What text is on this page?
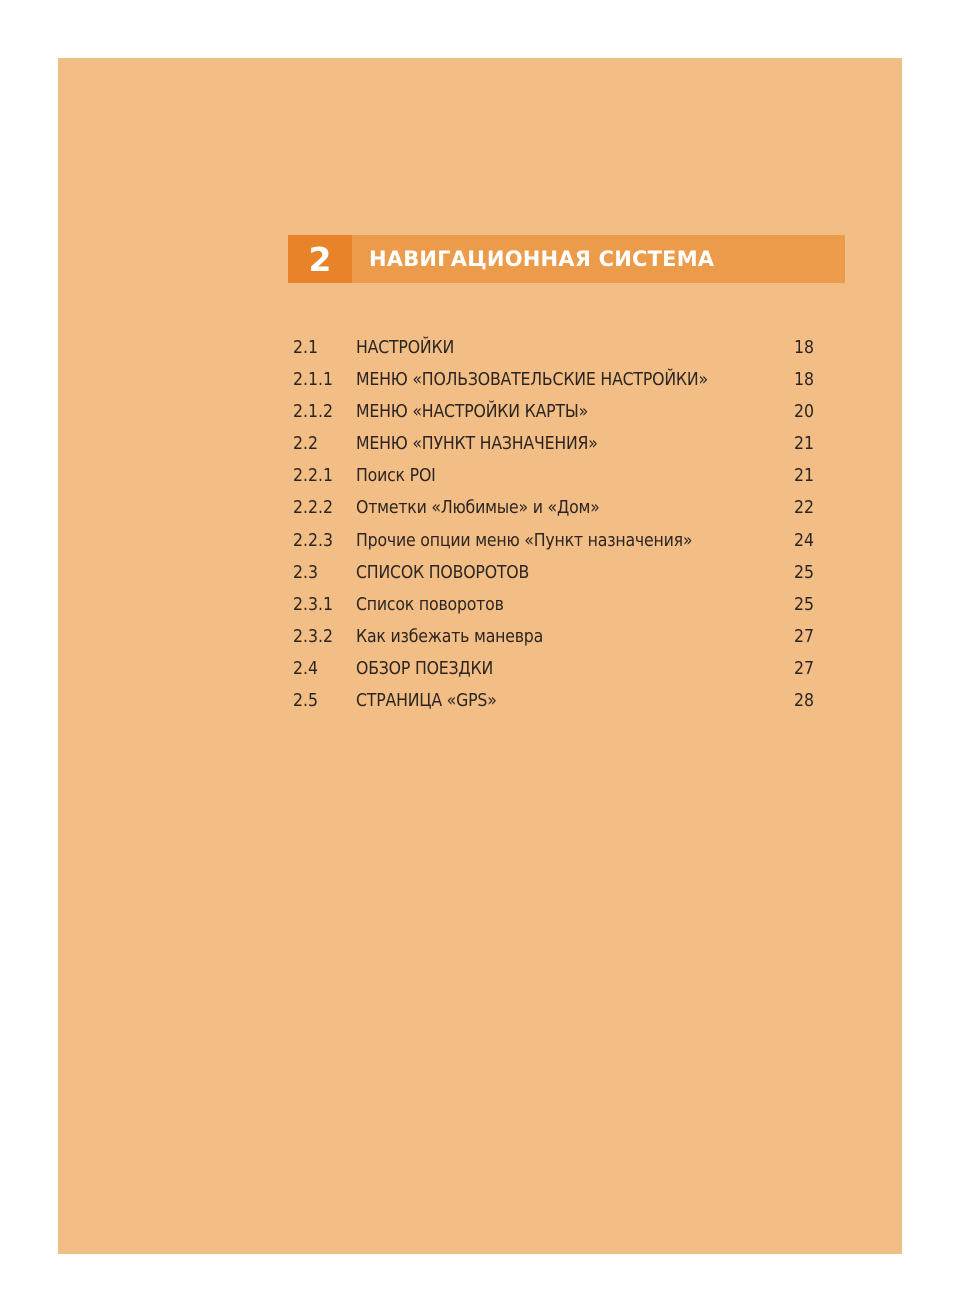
2	НАВИГАЦИОННАЯ СИСТЕМА
2.1 НАСТРОЙКИ	18
2.1.1 МЕНЮ «ПОЛЬЗОВАТЕЛЬСКИЕ НАСТРОЙКИ»	18
2.1.2 МЕНЮ «НАСТРОЙКИ КАРТЫ»	20
2.2 МЕНЮ «ПУНКТ НАЗНАЧЕНИЯ»	21
2.2.1 Поиск POI	21
2.2.2 Отметки «Любимые» и «Дом»	22
2.2.3 Прочие опции меню «Пункт назначения»	24
2.3 СПИСОК ПОВОРОТОВ	25
2.3.1 Список поворотов	25
2.3.2 Как избежать маневра	27
2.4 ОБЗОР ПОЕЗДКИ	27
2.5 СТРАНИЦА «GPS»	28
